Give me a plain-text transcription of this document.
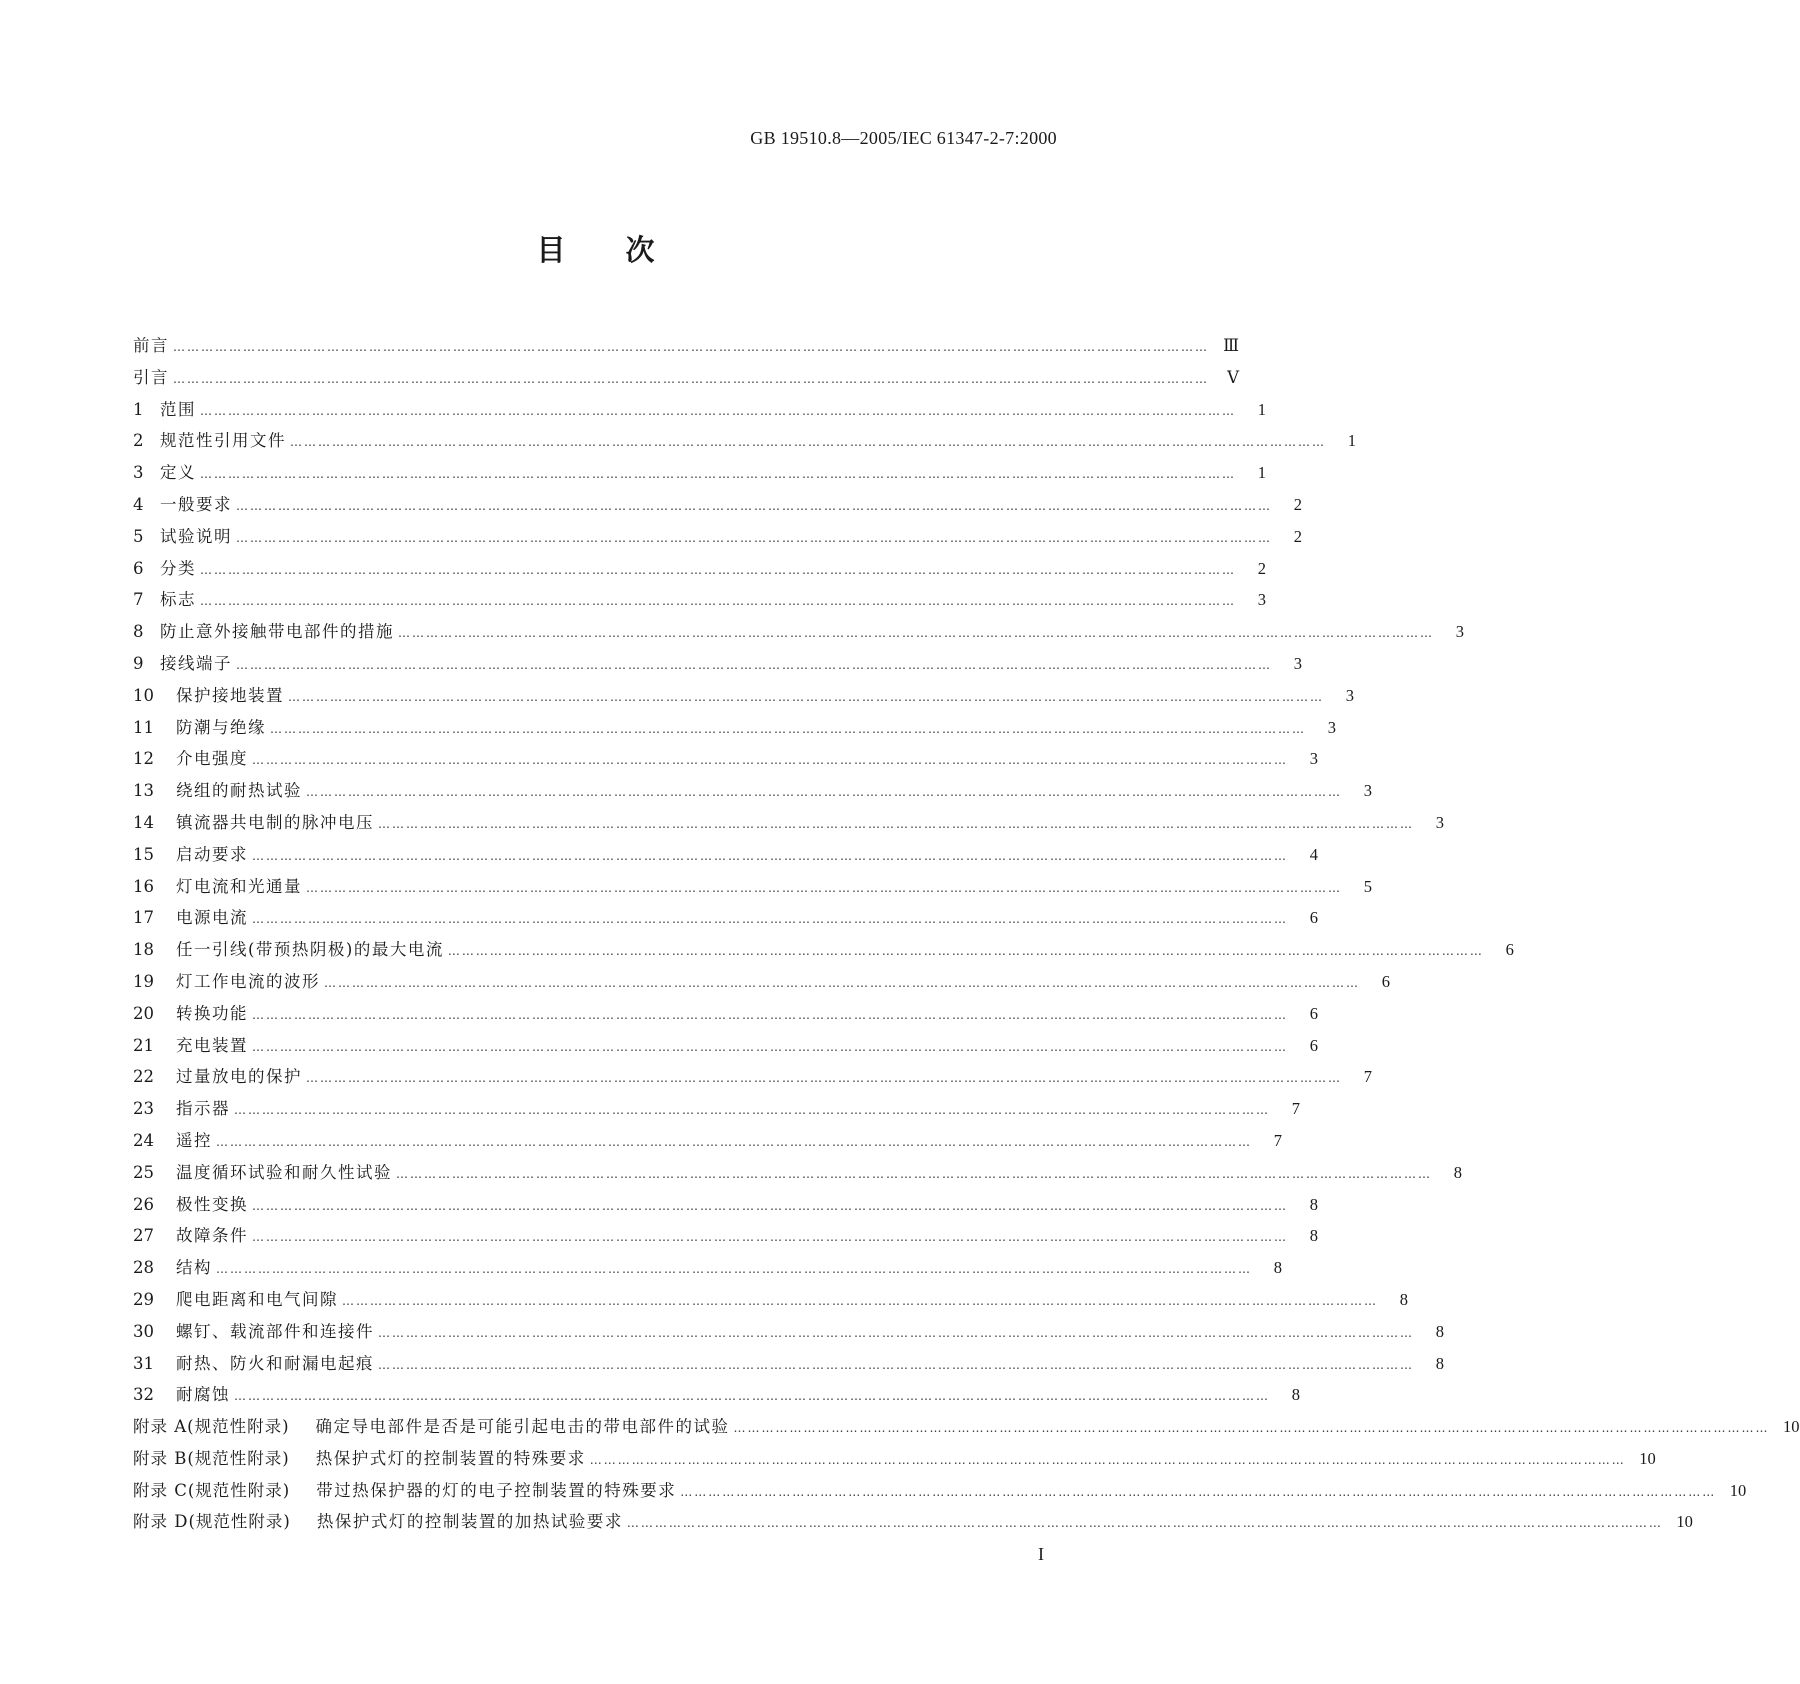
GB 19510.8—2005/IEC 61347-2-7:2000
目次
前言 …………………………………………………………………………………………………………………………………………………………………………………………………… Ⅲ
引言 ……………………………………………………………………………………………………………………………………………………………………………………………………	Ⅴ
1	范围 ……………………………………………………………………………………………………………………………………………………………………………………………………	1
2	规范性引用文件 ……………………………………………………………………………………………………………………………………………………………………………………………………	1
3	定义 ……………………………………………………………………………………………………………………………………………………………………………………………………	1
4	一般要求 ……………………………………………………………………………………………………………………………………………………………………………………………………	2
5	试验说明 ……………………………………………………………………………………………………………………………………………………………………………………………………	2
6	分类 ……………………………………………………………………………………………………………………………………………………………………………………………………	2
7	标志 ……………………………………………………………………………………………………………………………………………………………………………………………………	3
8	防止意外接触带电部件的措施 ……………………………………………………………………………………………………………………………………………………………………………………………………	3
9	接线端子 ……………………………………………………………………………………………………………………………………………………………………………………………………	3
10	保护接地装置 ……………………………………………………………………………………………………………………………………………………………………………………………………	3
11	防潮与绝缘 ……………………………………………………………………………………………………………………………………………………………………………………………………	3
12	介电强度 ……………………………………………………………………………………………………………………………………………………………………………………………………	3
13	绕组的耐热试验 ……………………………………………………………………………………………………………………………………………………………………………………………………	3
14	镇流器共电制的脉冲电压 ……………………………………………………………………………………………………………………………………………………………………………………………………	3
15	启动要求 ……………………………………………………………………………………………………………………………………………………………………………………………………	4
16	灯电流和光通量 ……………………………………………………………………………………………………………………………………………………………………………………………………	5
17	电源电流 ……………………………………………………………………………………………………………………………………………………………………………………………………	6
18	任一引线(带预热阴极)的最大电流 ……………………………………………………………………………………………………………………………………………………………………………………………………	6
19	灯工作电流的波形 ……………………………………………………………………………………………………………………………………………………………………………………………………	6
20	转换功能 ……………………………………………………………………………………………………………………………………………………………………………………………………	6
21	充电装置 ……………………………………………………………………………………………………………………………………………………………………………………………………	6
22	过量放电的保护 ……………………………………………………………………………………………………………………………………………………………………………………………………	7
23	指示器 ……………………………………………………………………………………………………………………………………………………………………………………………………	7
24	遥控 ……………………………………………………………………………………………………………………………………………………………………………………………………	7
25	温度循环试验和耐久性试验 ……………………………………………………………………………………………………………………………………………………………………………………………………	8
26	极性变换 ……………………………………………………………………………………………………………………………………………………………………………………………………	8
27	故障条件 ……………………………………………………………………………………………………………………………………………………………………………………………………	8
28	结构 ……………………………………………………………………………………………………………………………………………………………………………………………………	8
29	爬电距离和电气间隙 ……………………………………………………………………………………………………………………………………………………………………………………………………	8
30	螺钉、载流部件和连接件 ……………………………………………………………………………………………………………………………………………………………………………………………………	8
31	耐热、防火和耐漏电起痕 ……………………………………………………………………………………………………………………………………………………………………………………………………	8
32	耐腐蚀 ……………………………………………………………………………………………………………………………………………………………………………………………………	8
附录 A(规范性附录) 确定导电部件是否是可能引起电击的带电部件的试验 …………………………………………………………………………………………………………………………………………………………………………………………………… 10
附录 B(规范性附录) 热保护式灯的控制装置的特殊要求 …………………………………………………………………………………………………………………………………………………………………………………………………… 10
附录 C(规范性附录) 带过热保护器的灯的电子控制装置的特殊要求 …………………………………………………………………………………………………………………………………………………………………………………………………… 10
附录 D(规范性附录) 热保护式灯的控制装置的加热试验要求 …………………………………………………………………………………………………………………………………………………………………………………………………… 10
I
